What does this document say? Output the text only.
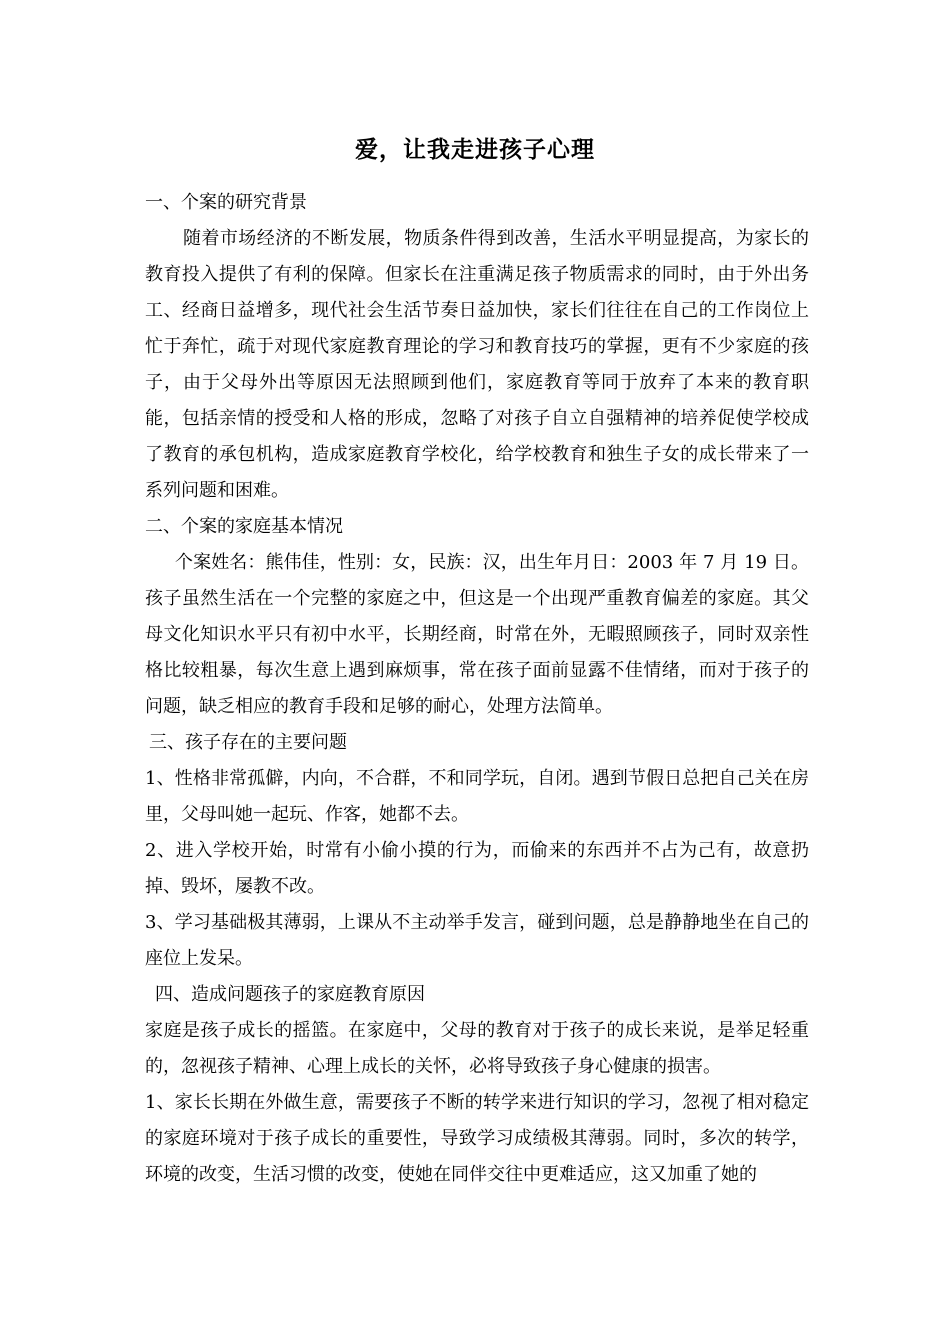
爱，让我走进孩子心理

一、个案的研究背景

随着市场经济的不断发展，物质条件得到改善，生活水平明显提高，为家长的教育投入提供了有利的保障。但家长在注重满足孩子物质需求的同时，由于外出务工、经商日益增多，现代社会生活节奏日益加快，家长们往往在自己的工作岗位上忙于奔忙，疏于对现代家庭教育理论的学习和教育技巧的掌握，更有不少家庭的孩子，由于父母外出等原因无法照顾到他们，家庭教育等同于放弃了本来的教育职能，包括亲情的授受和人格的形成，忽略了对孩子自立自强精神的培养促使学校成了教育的承包机构，造成家庭教育学校化，给学校教育和独生子女的成长带来了一系列问题和困难。

二、个案的家庭基本情况

个案姓名：熊伟佳，性别：女，民族：汉，出生年月日：2003 年 7 月 19 日。孩子虽然生活在一个完整的家庭之中，但这是一个出现严重教育偏差的家庭。其父母文化知识水平只有初中水平，长期经商，时常在外，无暇照顾孩子，同时双亲性格比较粗暴，每次生意上遇到麻烦事，常在孩子面前显露不佳情绪，而对于孩子的问题，缺乏相应的教育手段和足够的耐心，处理方法简单。

三、孩子存在的主要问题

1、性格非常孤僻，内向，不合群，不和同学玩，自闭。遇到节假日总把自己关在房里，父母叫她一起玩、作客，她都不去。

2、进入学校开始，时常有小偷小摸的行为，而偷来的东西并不占为己有，故意扔掉、毁坏，屡教不改。

3、学习基础极其薄弱，上课从不主动举手发言，碰到问题，总是静静地坐在自己的座位上发呆。

四、造成问题孩子的家庭教育原因

家庭是孩子成长的摇篮。在家庭中，父母的教育对于孩子的成长来说，是举足轻重的，忽视孩子精神、心理上成长的关怀，必将导致孩子身心健康的损害。

1、家长长期在外做生意，需要孩子不断的转学来进行知识的学习，忽视了相对稳定的家庭环境对于孩子成长的重要性，导致学习成绩极其薄弱。同时，多次的转学，环境的改变，生活习惯的改变，使她在同伴交往中更难适应，这又加重了她的
